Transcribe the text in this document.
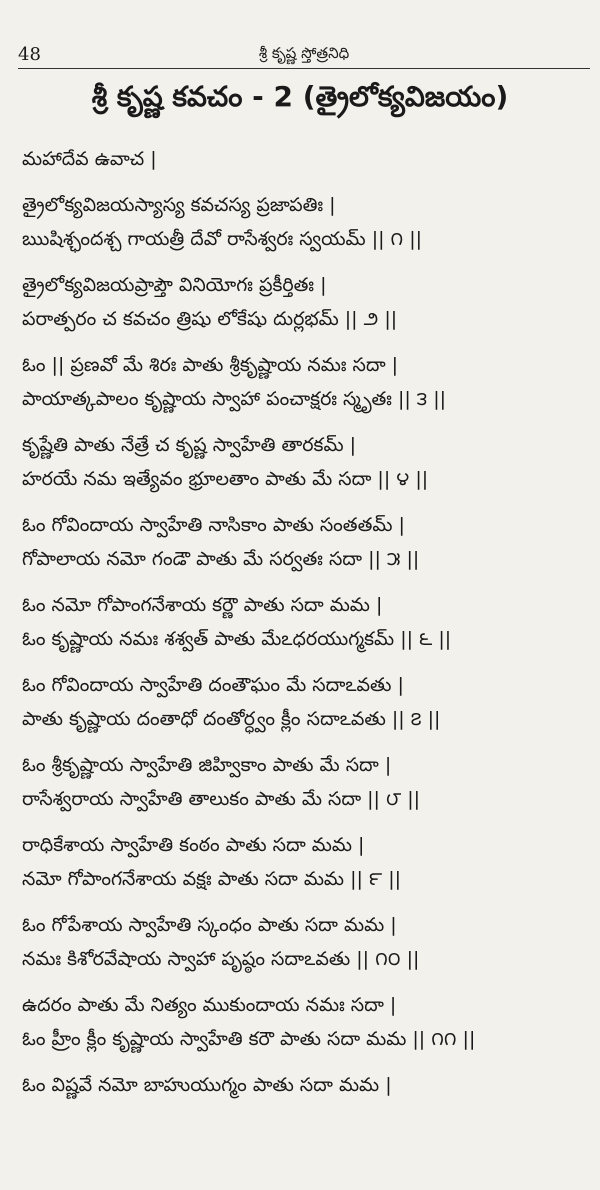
48	శ్రీ కృష్ణ స్తోత్రనిధి
శ్రీ కృష్ణ కవచం - 2 (త్రైలోక్యవిజయం)
మహాదేవ ఉవాచ |
త్రైలోక్యవిజయస్యాస్య కవచస్య ప్రజాపతిః |
ఋషిశ్ఛందశ్చ గాయత్రీ దేవో రాసేశ్వరః స్వయమ్ || ౧ ||
త్రైలోక్యవిజయప్రాప్తౌ వినియోగః ప్రకీర్తితః |
పరాత్పరం చ కవచం త్రిషు లోకేషు దుర్లభమ్ || ౨ ||
ఓం || ప్రణవో మే శిరః పాతు శ్రీకృష్ణాయ నమః సదా |
పాయాత్కపాలం కృష్ణాయ స్వాహా పంచాక్షరః స్మృతః || ౩ ||
కృష్ణేతి పాతు నేత్రే చ కృష్ణ స్వాహేతి తారకమ్ |
హరయే నమ ఇత్యేవం భ్రూలతాం పాతు మే సదా || ౪ ||
ఓం గోవిందాయ స్వాహేతి నాసికాం పాతు సంతతమ్ |
గోపాలాయ నమో గండౌ పాతు మే సర్వతః సదా || ౫ ||
ఓం నమో గోపాంగనేశాయ కర్ణౌ పాతు సదా మమ |
ఓం కృష్ణాయ నమః శశ్వత్ పాతు మేఽధరయుగ్మకమ్ || ౬ ||
ఓం గోవిందాయ స్వాహేతి దంతౌఘం మే సదాఽవతు |
పాతు కృష్ణాయ దంతాధో దంతోర్ధ్వం క్లీం సదాఽవతు || ౭ ||
ఓం శ్రీకృష్ణాయ స్వాహేతి జిహ్వికాం పాతు మే సదా |
రాసేశ్వరాయ స్వాహేతి తాలుకం పాతు మే సదా || ౮ ||
రాధికేశాయ స్వాహేతి కంఠం పాతు సదా మమ |
నమో గోపాంగనేశాయ వక్షః పాతు సదా మమ || ౯ ||
ఓం గోపేశాయ స్వాహేతి స్కంధం పాతు సదా మమ |
నమః కిశోరవేషాయ స్వాహా పృష్ఠం సదాఽవతు || ౧౦ ||
ఉదరం పాతు మే నిత్యం ముకుందాయ నమః సదా |
ఓం హ్రీం క్లీం కృష్ణాయ స్వాహేతి కరౌ పాతు సదా మమ || ౧౧ ||
ఓం విష్ణవే నమో బాహుయుగ్మం పాతు సదా మమ |
